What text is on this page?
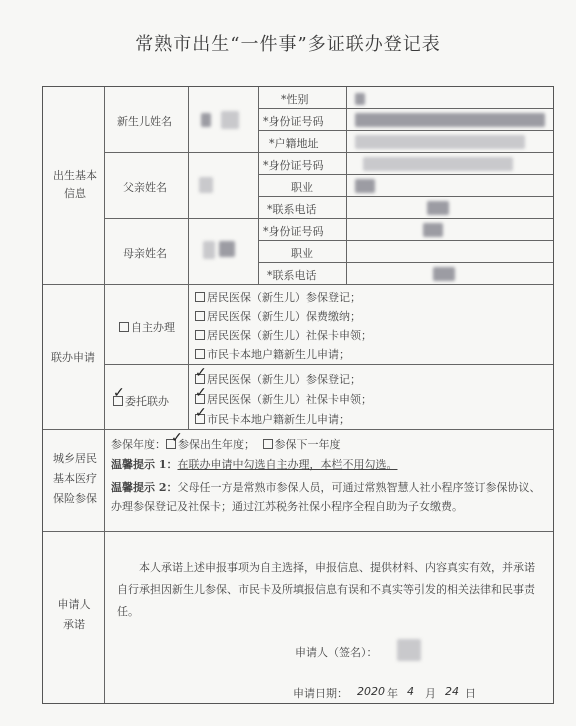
常熟市出生“一件事”多证联办登记表
出生基本信息
新生儿姓名
*性别
*身份证号码
*户籍地址
父亲姓名
*身份证号码
职业
*联系电话
母亲姓名
*身份证号码
职业
*联系电话
联办申请
自主办理
居民医保（新生儿）参保登记；
居民医保（新生儿）保费缴纳；
居民医保（新生儿）社保卡申领；
市民卡本地户籍新生儿申请；
委托联办
✓
居民医保（新生儿）参保登记；
居民医保（新生儿）社保卡申领；
市民卡本地户籍新生儿申请；
✓
✓
✓
城乡居民基本医疗保险参保
参保年度： 参保出生年度； 参保下一年度
✓
温馨提示 1：在联办申请中勾选自主办理，本栏不用勾选。
温馨提示 2：父母任一方是常熟市参保人员，可通过常熟智慧人社小程序签订参保协议、办理参保登记及社保卡；通过江苏税务社保小程序全程自助为子女缴费。
申请人承诺
本人承诺上述申报事项为自主选择，申报信息、提供材料、内容真实有效，并承诺自行承担因新生儿参保、市民卡及所填报信息有误和不真实等引发的相关法律和民事责任。
申请人（签名）：
申请日期： 2020 年 4 月 24 日
